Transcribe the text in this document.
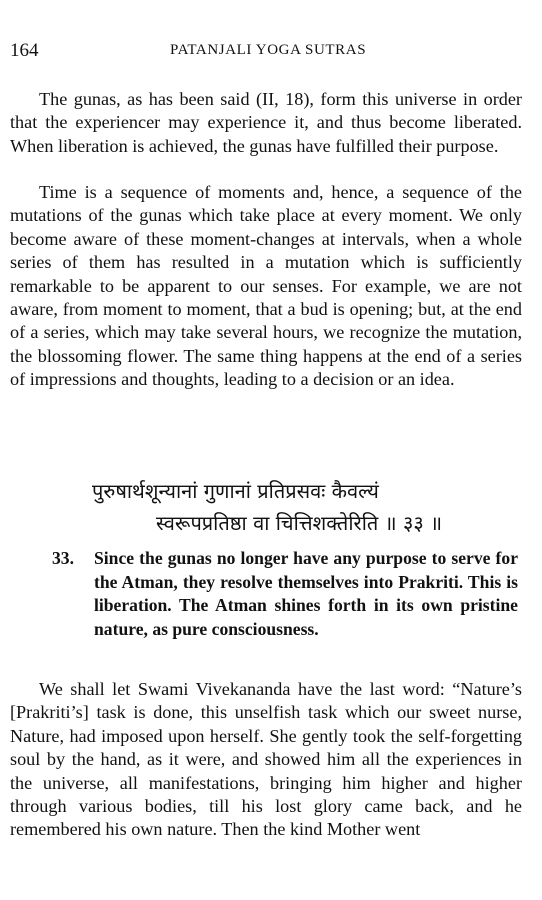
164	PATANJALI YOGA SUTRAS

The gunas, as has been said (II, 18), form this universe in order that the experiencer may experience it, and thus become liberated. When liberation is achieved, the gunas have fulfilled their purpose.

Time is a sequence of moments and, hence, a sequence of the mutations of the gunas which take place at every moment. We only become aware of these moment-changes at intervals, when a whole series of them has resulted in a mutation which is sufficiently remarkable to be apparent to our senses. For example, we are not aware, from moment to moment, that a bud is opening; but, at the end of a series, which may take several hours, we recognize the mutation, the blossoming flower. The same thing happens at the end of a series of impressions and thoughts, leading to a decision or an idea.

पुरुषार्थशून्यानां गुणानां प्रतिप्रसवः कैवल्यं
स्वरूपप्रतिष्ठा वा चित्तिशक्तेरिति ॥ ३३ ॥
33.	Since the gunas no longer have any purpose to serve for the Atman, they resolve themselves into Prakriti. This is liberation. The Atman shines forth in its own pristine nature, as pure consciousness.

We shall let Swami Vivekananda have the last word: “Nature’s [Prakriti’s] task is done, this unselfish task which our sweet nurse, Nature, had imposed upon herself. She gently took the self-forgetting soul by the hand, as it were, and showed him all the experiences in the universe, all manifestations, bringing him higher and higher through various bodies, till his lost glory came back, and he remembered his own nature. Then the kind Mother went
